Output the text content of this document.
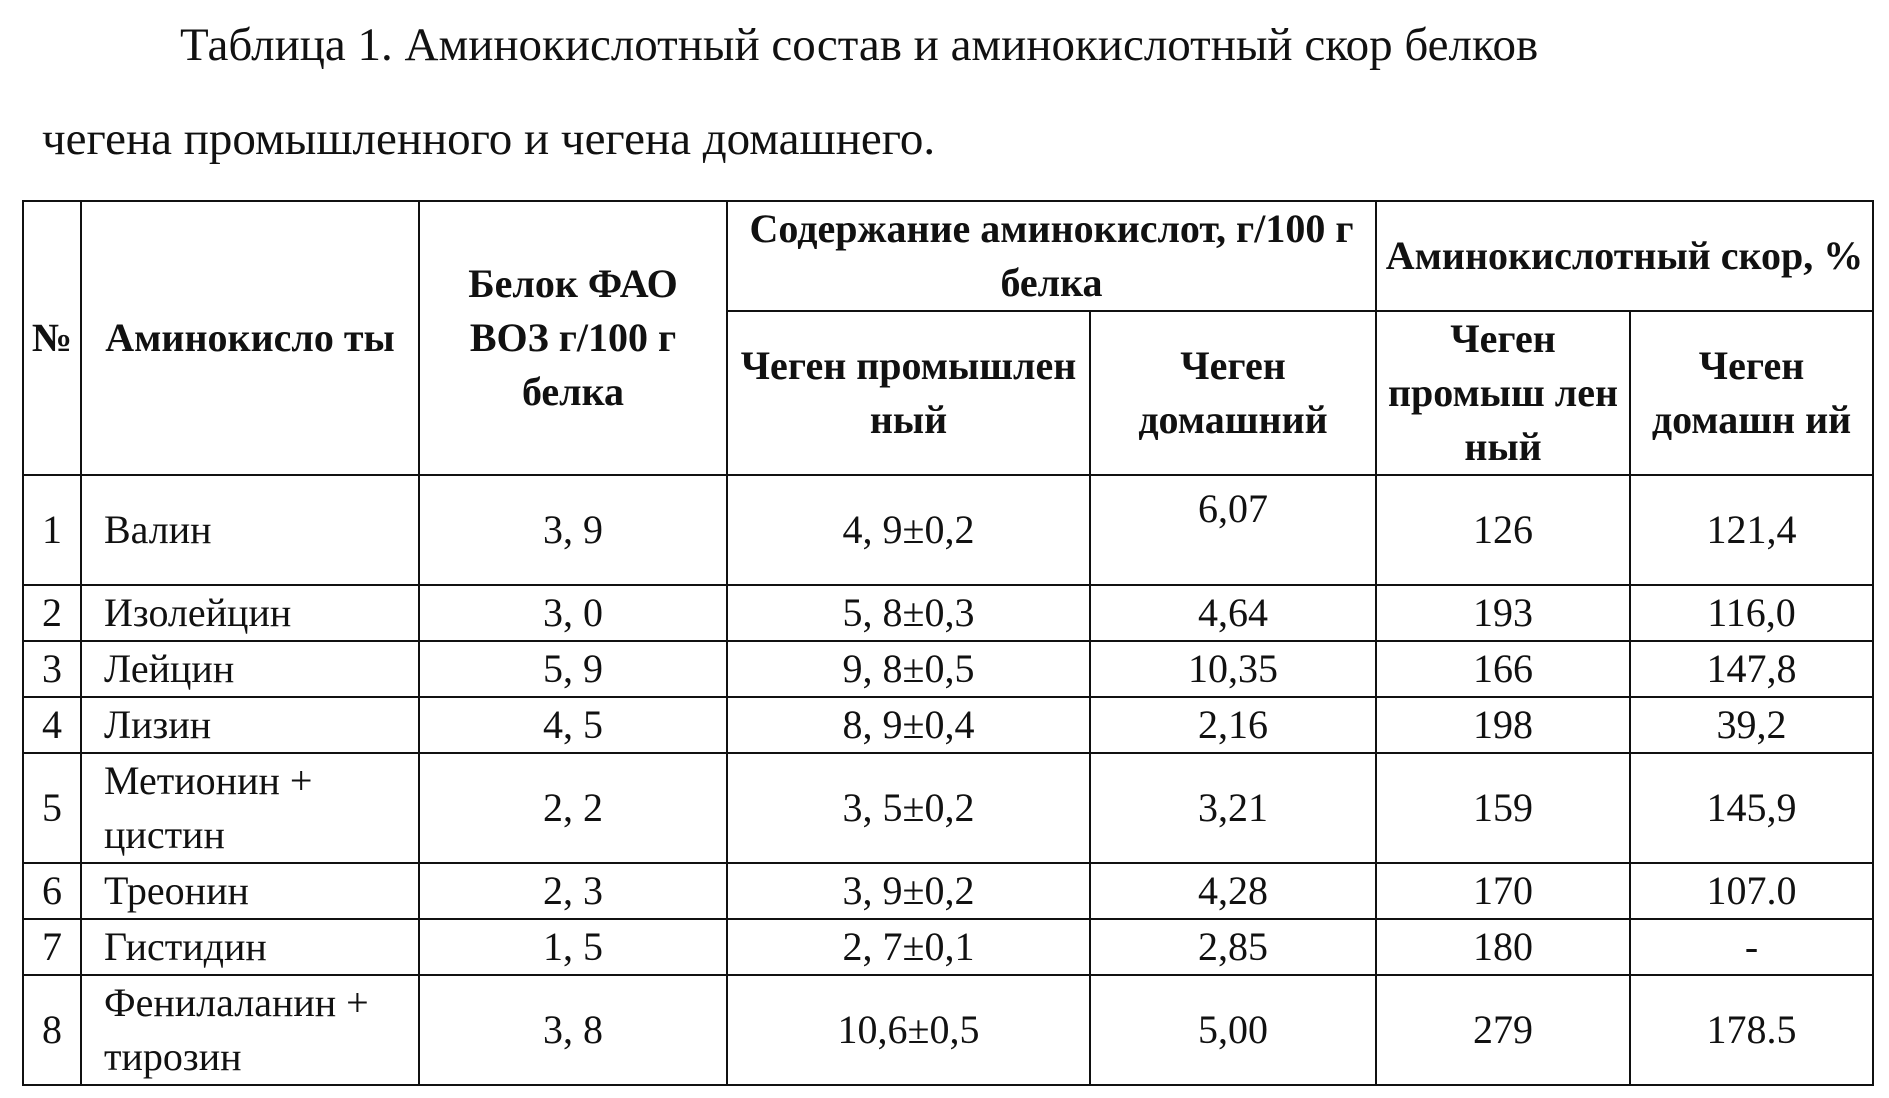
Таблица 1. Аминокислотный состав и аминокислотный скор белков
чегена промышленного и чегена домашнего.
№	Аминокисло ты	Белок ФАО ВОЗ г/100 г белка	Содержание аминокислот, г/100 г белка		Аминокислотный скор, %	
			Чеген промышлен ный	Чеген домашний	Чеген промыш лен ный	Чеген домашн ий
1	Валин	3, 9	4, 9±0,2	6,07	126	121,4
2	Изолейцин	3, 0	5, 8±0,3	4,64	193	116,0
3	Лейцин	5, 9	9, 8±0,5	10,35	166	147,8
4	Лизин	4, 5	8, 9±0,4	2,16	198	39,2
5	Метионин + цистин	2, 2	3, 5±0,2	3,21	159	145,9
6	Треонин	2, 3	3, 9±0,2	4,28	170	107.0
7	Гистидин	1, 5	2, 7±0,1	2,85	180	-
8	Фенилаланин + тирозин	3, 8	10,6±0,5	5,00	279	178.5
